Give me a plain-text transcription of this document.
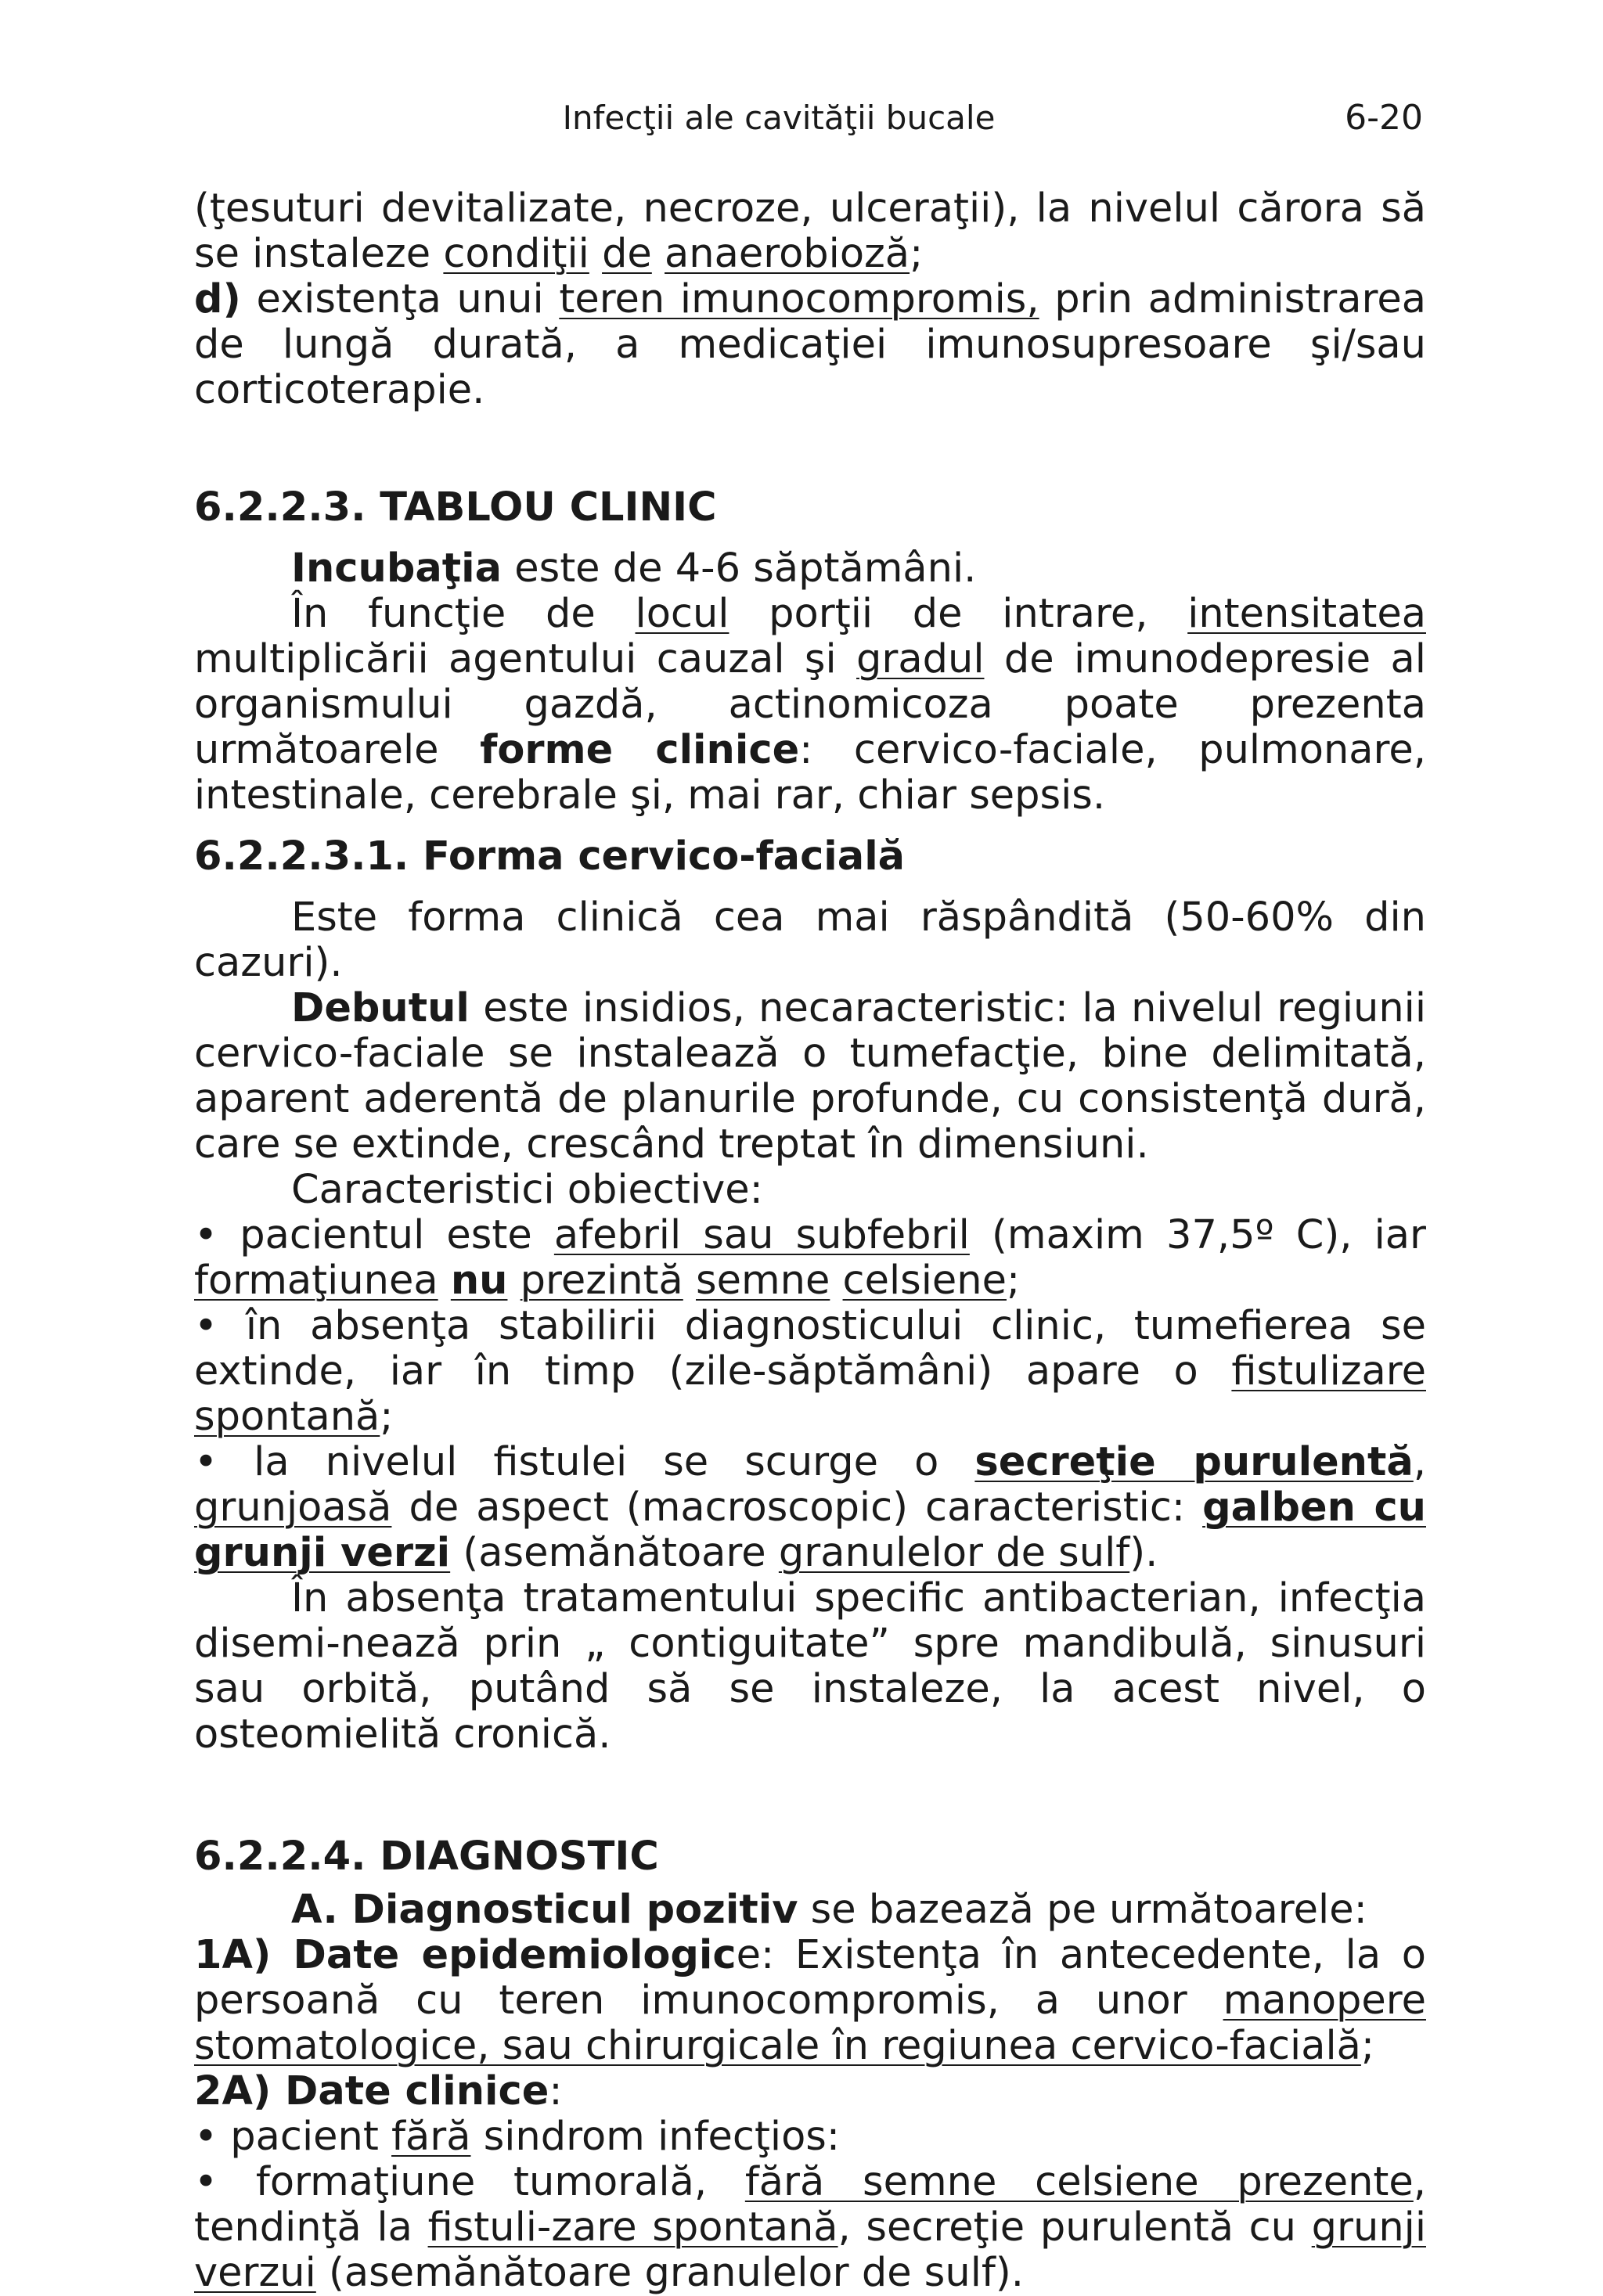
Infecţii ale cavităţii bucale	6-20

(ţesuturi devitalizate, necroze, ulceraţii), la nivelul cărora să se instaleze condiţii de anaerobioză;

d) existenţa unui teren imunocompromis, prin administrarea de lungă durată, a medicaţiei imunosupresoare şi/sau corticoterapie.

6.2.2.3. TABLOU CLINIC

Incubaţia este de 4-6 săptămâni.

În funcţie de locul porţii de intrare, intensitatea multiplicării agentului cauzal şi gradul de imunodepresie al organismului gazdă, actinomicoza poate prezenta următoarele forme clinice: cervico-faciale, pulmonare, intestinale, cerebrale şi, mai rar, chiar sepsis.

6.2.2.3.1. Forma cervico-facială

Este forma clinică cea mai răspândită (50-60% din cazuri).

Debutul este insidios, necaracteristic: la nivelul regiunii cervico-faciale se instalează o tumefacţie, bine delimitată, aparent aderentă de planurile profunde, cu consistenţă dură, care se extinde, crescând treptat în dimensiuni.

Caracteristici obiective:

• pacientul este afebril sau subfebril (maxim 37,5º C), iar formaţiunea nu prezintă semne celsiene;

• în absenţa stabilirii diagnosticului clinic, tumefierea se extinde, iar în timp (zile-săptămâni) apare o fistulizare spontană;

• la nivelul fistulei se scurge o secreţie purulentă, grunjoasă de aspect (macroscopic) caracteristic: galben cu grunji verzi (asemănătoare granulelor de sulf).

În absenţa tratamentului specific antibacterian, infecţia disemi-nează prin „ contiguitate” spre mandibulă, sinusuri sau orbită, putând să se instaleze, la acest nivel, o osteomielită cronică.

6.2.2.4. DIAGNOSTIC

A. Diagnosticul pozitiv se bazează pe următoarele:

1A) Date epidemiologice: Existenţa în antecedente, la o persoană cu teren imunocompromis, a unor manopere stomatologice, sau chirurgicale în regiunea cervico-facială;

2A) Date clinice:

• pacient fără sindrom infecţios:

• formaţiune tumorală, fără semne celsiene prezente, tendinţă la fistuli-zare spontană, secreţie purulentă cu grunji verzui (asemănătoare granulelor de sulf).
